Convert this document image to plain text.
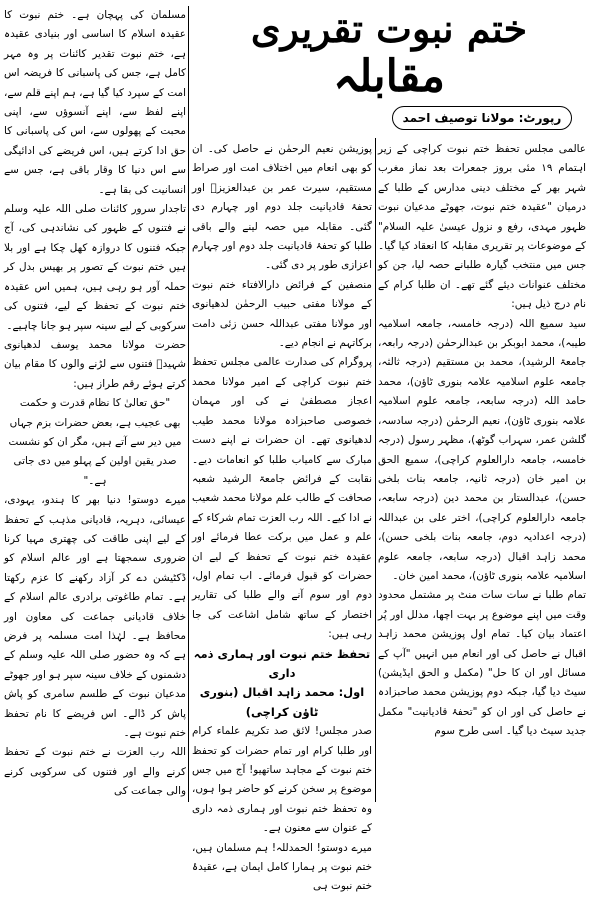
ختم نبوت تقریری
مقابلہ
رپورٹ: مولانا توصیف احمد

عالمی مجلس تحفظ ختم نبوت کراچی کے زیر اہتمام ۱۹ مئی بروز جمعرات بعد نماز مغرب شہر بھر کے مختلف دینی مدارس کے طلبا کے درمیان "عقیدہ ختم نبوت، جھوٹے مدعیان نبوت ظہور مہدی، رفع و نزول عیسیٰ علیہ السلام" کے موضوعات پر تقریری مقابلہ کا انعقاد کیا گیا۔ جس میں منتخب گیارہ طلبانے حصہ لیا، جن کو مختلف عنوانات دیئے گئے تھے۔ ان طلبا کرام کے نام درج ذیل ہیں:

سید سمیع اللہ (درجہ خامسہ، جامعہ اسلامیہ طیبہ)، محمد ابوبکر بن عبدالرحمٰن (درجہ رابعہ، جامعۃ الرشید)، محمد بن مستقیم (درجہ ثالثہ، جامعہ علوم اسلامیہ علامہ بنوری ٹاؤن)، محمد حامد اللہ (درجہ سابعہ، جامعہ علوم اسلامیہ علامہ بنوری ٹاؤن)، نعیم الرحمٰن (درجہ سادسہ، گلشن عمر، سہراب گوٹھ)، مظہر رسول (درجہ خامسہ، جامعہ دارالعلوم کراچی)، سمیع الحق بن امیر خان (درجہ ثانیہ، جامعہ بنات بلخی حسن)، عبدالستار بن محمد دین (درجہ سابعہ، جامعہ دارالعلوم کراچی)، اختر علی بن عبداللہ (درجہ اعدادیہ دوم، جامعہ بنات بلخی حسن)، محمد زاہد اقبال (درجہ سابعہ، جامعہ علوم اسلامیہ علامہ بنوری ٹاؤن)، محمد امین خان۔

تمام طلبا نے سات سات منٹ پر مشتمل محدود وقت میں اپنے موضوع پر بہت اچھا، مدلل اور پُر اعتماد بیان کیا۔ تمام اول پوزیشن محمد زاہد اقبال نے حاصل کی اور انعام میں انہیں "آپ کے مسائل اور ان کا حل" (مکمل و الحق ایڈیشن) سیٹ دیا گیا، جبکہ دوم پوزیشن محمد صاحبزادہ نے حاصل کی اور ان کو "تحفۂ قادیانیت" مکمل جدید سیٹ دیا گیا۔ اسی طرح سوم

پوزیشن نعیم الرحمٰن نے حاصل کی۔ ان کو بھی انعام میں اختلاف امت اور صراط مستقیم، سیرت عمر بن عبدالعزیزؒ اور تحفۂ قادیانیت جلد دوم اور چہارم دی گئی۔ مقابلہ میں حصہ لینے والے باقی طلبا کو تحفۂ قادیانیت جلد دوم اور چہارم اعزازی طور پر دی گئی۔

منصفین کے فرائض دارالافتاء ختم نبوت کے مولانا مفتی حبیب الرحمٰن لدھیانوی اور مولانا مفتی عبداللہ حسن زئی دامت برکاتہم نے انجام دیے۔

پروگرام کی صدارت عالمی مجلس تحفظ ختم نبوت کراچی کے امیر مولانا محمد اعجاز مصطفیٰ نے کی اور مہمان خصوصی صاحبزادہ مولانا محمد طیب لدھیانوی تھے۔ ان حضرات نے اپنے دست مبارک سے کامیاب طلبا کو انعامات دیے۔ نقابت کے فرائض جامعۃ الرشید شعبہ صحافت کے طالب علم مولانا محمد شعیب نے ادا کیے۔ اللہ رب العزت تمام شرکاء کے علم و عمل میں برکت عطا فرمائے اور عقیدہ ختم نبوت کے تحفظ کے لیے ان حضرات کو قبول فرمائے۔ اب تمام اول، دوم اور سوم آنے والے طلبا کی تقاریر اختصار کے ساتھ شامل اشاعت کی جا رہی ہیں:

تحفظ ختم نبوت اور ہماری ذمہ داری

اول: محمد زاہد اقبال (بنوری ٹاؤن کراچی)

صدر مجلس! لائق صد تکریم علماء کرام اور طلبا کرام اور تمام حضرات کو تحفظ ختم نبوت کے مجاہد ساتھیو! آج میں جس موضوع پر سخن کرنے کو حاضر ہوا ہوں، وہ تحفظ ختم نبوت اور ہماری ذمہ داری کے عنوان سے معنون ہے۔

میرے دوستو! الحمدللہ! ہم مسلمان ہیں، ختم نبوت پر ہمارا کامل ایمان ہے، عقیدۂ ختم نبوت ہی

مسلمان کی پہچان ہے۔ ختم نبوت کا عقیدہ اسلام کا اساسی اور بنیادی عقیدہ ہے، ختم نبوت تقدیر کائنات پر وہ مہر کامل ہے، جس کی پاسبانی کا فریضہ اس امت کے سپرد کیا گیا ہے، ہم اپنے قلم سے، اپنے لفظ سے، اپنے آنسوؤں سے، اپنی محبت کے پھولوں سے، اس کی پاسبانی کا حق ادا کرتے ہیں، اس فریضے کی ادائیگی سے اس دنیا کا وقار باقی ہے، جس سے انسانیت کی بقا ہے۔

تاجدار سرور کائنات صلی اللہ علیہ وسلم نے فتنوں کے ظہور کی نشاندہی کی، آج جبکہ فتنوں کا دروازہ کھل چکا ہے اور بلا ہیں ختم نبوت کے تصور پر بھیس بدل کر حملہ آور ہو رہی ہیں، ہمیں اس عقیدہ ختم نبوت کے تحفظ کے لیے، فتنوں کی سرکوبی کے لیے سینہ سپر ہو جانا چاہیے۔

حضرت مولانا محمد یوسف لدھیانوی شہیدؒ فتنوں سے لڑنے والوں کا مقام بیان کرتے ہوئے رقم طراز ہیں:

"حق تعالیٰ کا نظام قدرت و حکمت

بھی عجیب ہے، بعض حضرات بزم جہاں

میں دیر سے آتے ہیں، مگر ان کو نشست

صدر یقین اولین کے پہلو میں دی جاتی ہے۔"

میرے دوستو! دنیا بھر کا ہندو، یہودی، عیسائی، دہریہ، قادیانی مذہب کے تحفظ کے لیے اپنی طاقت کی چھتری مہیا کرنا ضروری سمجھتا ہے اور عالم اسلام کو ڈکٹیشن دے کر آزاد رکھنے کا عزم رکھتا ہے۔ تمام طاغوتی برادری عالم اسلام کے خلاف قادیانی جماعت کی معاون اور محافظ ہے۔ لہٰذا امت مسلمہ پر فرض ہے کہ وہ حضور صلی اللہ علیہ وسلم کے دشمنوں کے خلاف سینہ سپر ہو اور جھوٹے مدعیان نبوت کے طلسم سامری کو پاش پاش کر ڈالے۔ اس فریضے کا نام تحفظ ختم نبوت ہے۔

اللہ رب العزت نے ختم نبوت کے تحفظ کرنے والے اور فتنوں کی سرکوبی کرنے والی جماعت کی
